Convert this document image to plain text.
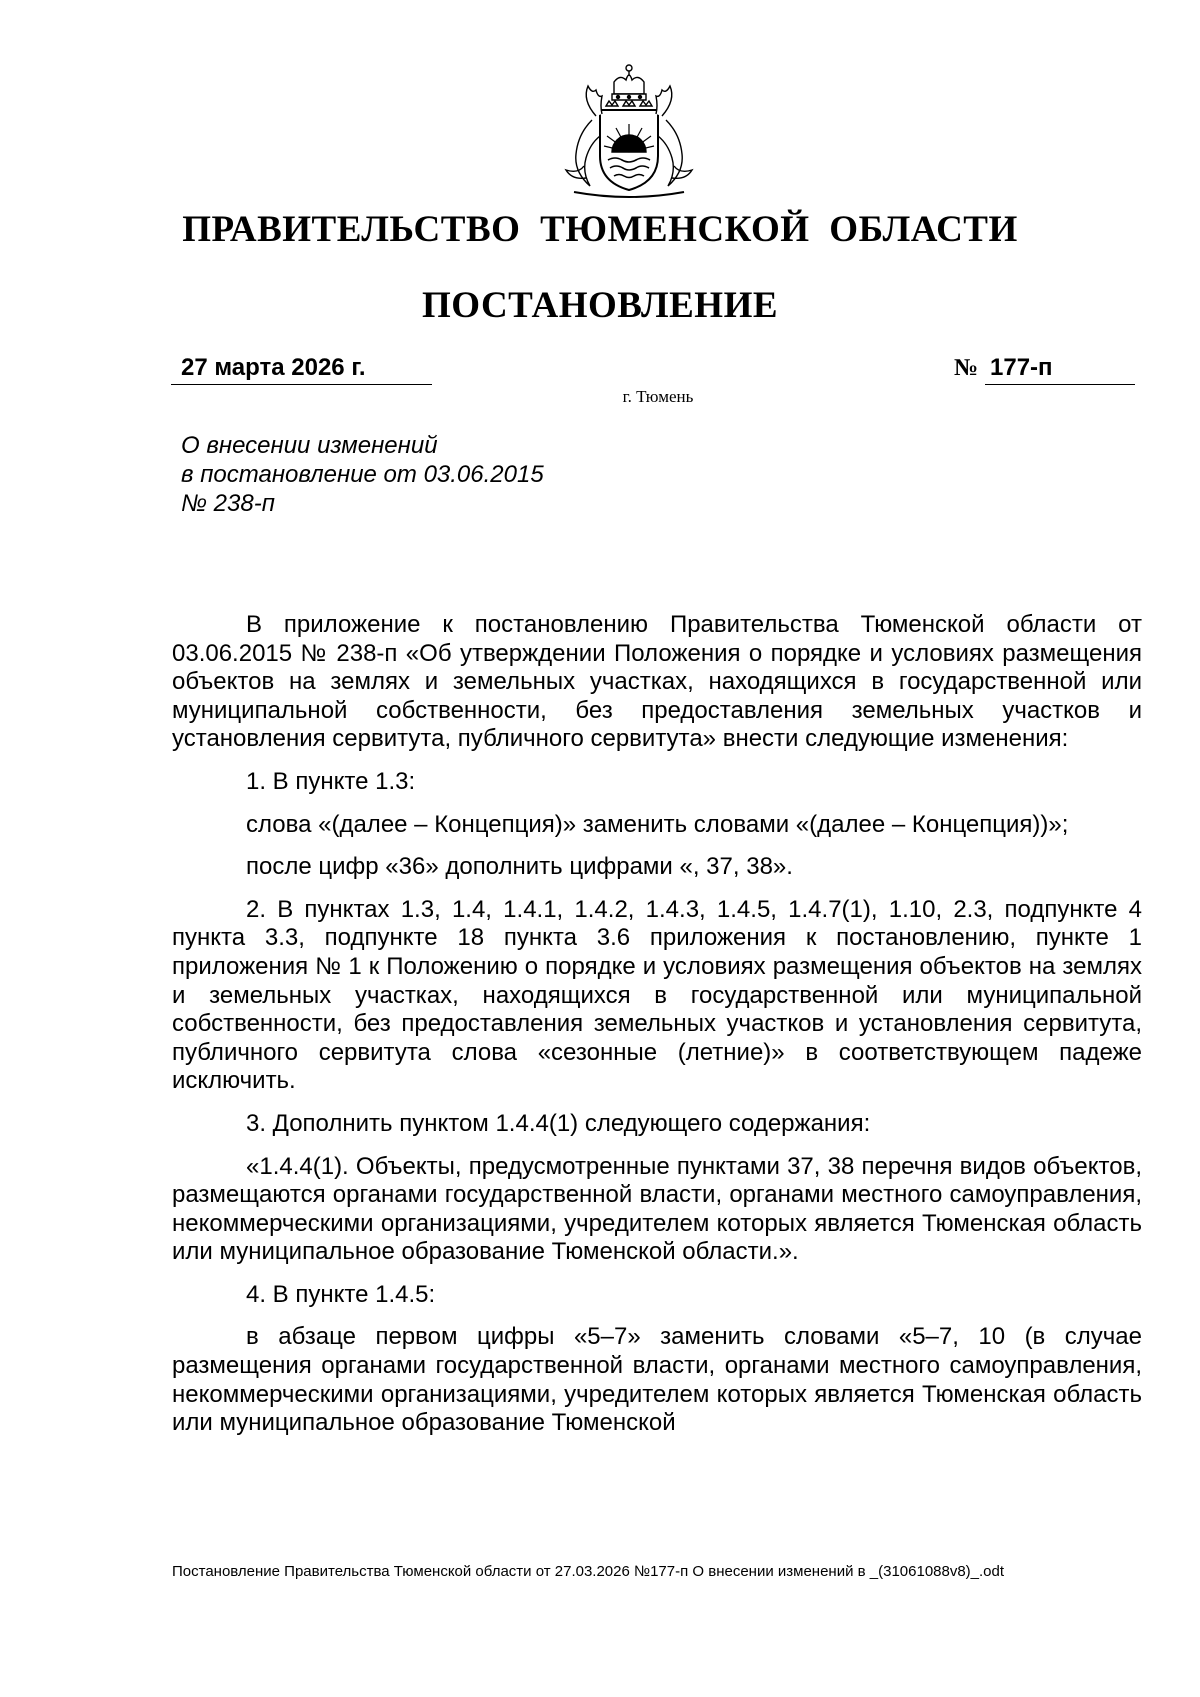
ПРАВИТЕЛЬСТВО ТЮМЕНСКОЙ ОБЛАСТИ
ПОСТАНОВЛЕНИЕ
27 марта 2026 г.	№ 177-п
г. Тюмень
О внесении изменений
в постановление от 03.06.2015
№ 238-п

В приложение к постановлению Правительства Тюменской области от 03.06.2015 № 238-п «Об утверждении Положения о порядке и условиях размещения объектов на землях и земельных участках, находящихся в государственной или муниципальной собственности, без предоставления земельных участков и установления сервитута, публичного сервитута» внести следующие изменения:

1. В пункте 1.3:

слова «(далее – Концепция)» заменить словами «(далее – Концепция))»;

после цифр «36» дополнить цифрами «, 37, 38».

2. В пунктах 1.3, 1.4, 1.4.1, 1.4.2, 1.4.3, 1.4.5, 1.4.7(1), 1.10, 2.3, подпункте 4 пункта 3.3, подпункте 18 пункта 3.6 приложения к постановлению, пункте 1 приложения № 1 к Положению о порядке и условиях размещения объектов на землях и земельных участках, находящихся в государственной или муниципальной собственности, без предоставления земельных участков и установления сервитута, публичного сервитута слова «сезонные (летние)» в соответствующем падеже исключить.

3. Дополнить пунктом 1.4.4(1) следующего содержания:

«1.4.4(1). Объекты, предусмотренные пунктами 37, 38 перечня видов объектов, размещаются органами государственной власти, органами местного самоуправления, некоммерческими организациями, учредителем которых является Тюменская область или муниципальное образование Тюменской области.».

4. В пункте 1.4.5:

в абзаце первом цифры «5–7» заменить словами «5–7, 10 (в случае размещения органами государственной власти, органами местного самоуправления, некоммерческими организациями, учредителем которых является Тюменская область или муниципальное образование Тюменской

Постановление Правительства Тюменской области от 27.03.2026 №177-п О внесении изменений в _(31061088v8)_.odt
